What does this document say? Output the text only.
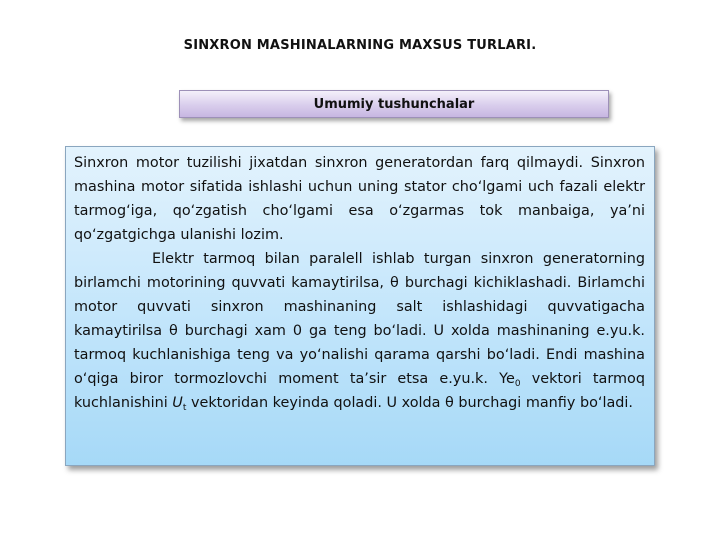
SINXRON MASHINALARNING MAXSUS TURLARI.
Umumiy tushunchalar

Sinxron motor tuzilishi jixatdan sinxron generatordan farq qilmaydi. Sinxron mashina motor sifatida ishlashi uchun uning stator cho‘lgami uch fazali elektr tarmog‘iga, qo‘zgatish cho‘lgami esa o‘zgarmas tok manbaiga, ya’ni qo‘zgatgichga ulanishi lozim.

Elektr tarmoq bilan paralell ishlab turgan sinxron generatorning birlamchi motorining quvvati kamaytirilsa, θ burchagi kichiklashadi. Birlamchi motor quvvati sinxron mashinaning salt ishlashidagi quvvatigacha kamaytirilsa θ burchagi xam 0 ga teng bo‘ladi. U xolda mashinaning e.yu.k. tarmoq kuchlanishiga teng va yo‘nalishi qarama qarshi bo‘ladi. Endi mashina o‘qiga biror tormozlovchi moment ta’sir etsa e.yu.k. $Ye_0$ vektori tarmoq kuchlanishini $U_t$ vektoridan keyinda qoladi. U xolda θ burchagi manfiy bo‘ladi.
